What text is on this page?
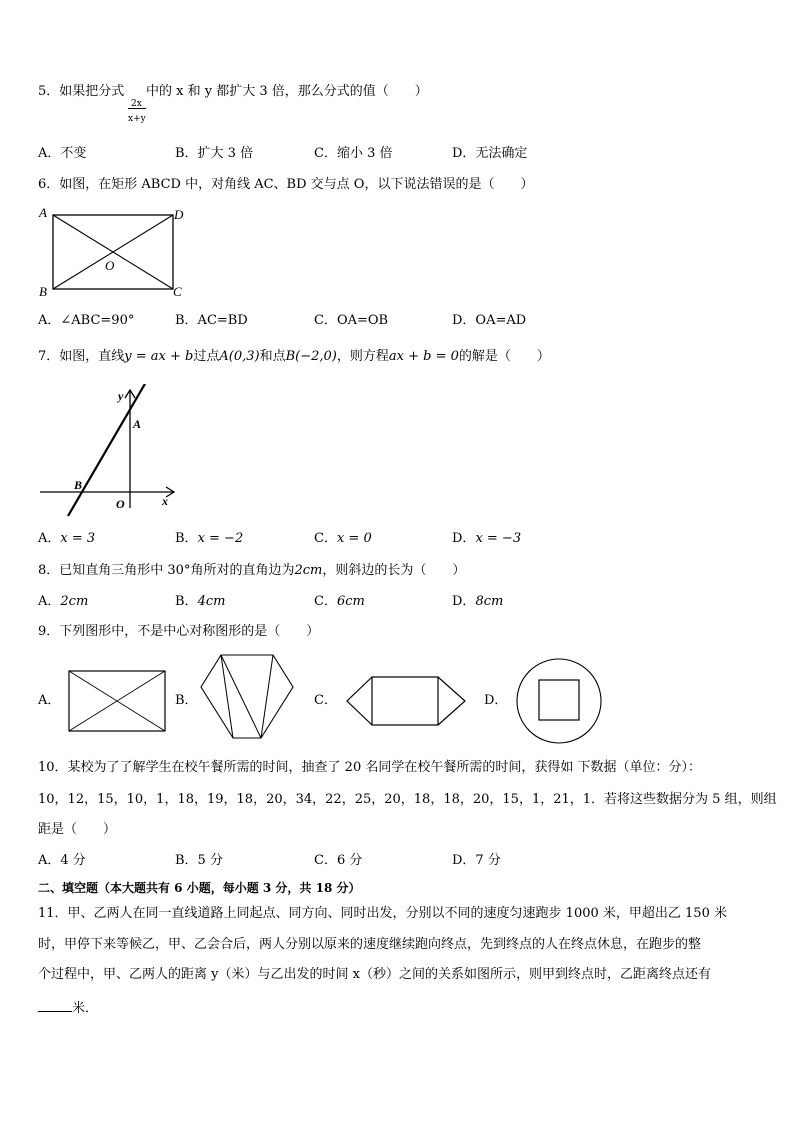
5．如果把分式
2x
x+y
中的 x 和 y 都扩大 3 倍，那么分式的值（　　）
A．不变	B．扩大 3 倍	C．缩小 3 倍	D．无法确定
6．如图，在矩形 ABCD 中，对角线 AC、BD 交与点 O，以下说法错误的是（　　）
A	D
B	C
O
A．∠ABC=90°	B．AC=BD	C．OA=OB	D．OA=AD
7．如图，直线y = ax + b过点A(0,3)和点B(−2,0)，则方程ax + b = 0的解是（　　）
y
A
B
O	x
A．x = 3	B．x = −2	C．x = 0	D．x = −3
8．已知直角三角形中 30°角所对的直角边为2cm，则斜边的长为（　　）
A．2cm	B．4cm	C．6cm	D．8cm
9．下列图形中，不是中心对称图形的是（　　）
A．	B．	C．	D．
10．某校为了了解学生在校午餐所需的时间，抽查了 20 名同学在校午餐所需的时间，获得如 下数据（单位：分）：
10，12，15，10，1，18，19，18，20，34，22，25，20，18，18，20，15，1，21，1．若将这些数据分为 5 组，则组
距是（　　）
A．4 分	B．5 分	C．6 分	D．7 分
二、填空题（本大题共有 6 小题，每小题 3 分，共 18 分）
11．甲、乙两人在同一直线道路上同起点、同方向、同时出发，分别以不同的速度匀速跑步 1000 米，甲超出乙 150 米
时，甲停下来等候乙，甲、乙会合后，两人分别以原来的速度继续跑向终点，先到终点的人在终点休息，在跑步的整
个过程中，甲、乙两人的距离 y（米）与乙出发的时间 x（秒）之间的关系如图所示，则甲到终点时，乙距离终点还有
米．
